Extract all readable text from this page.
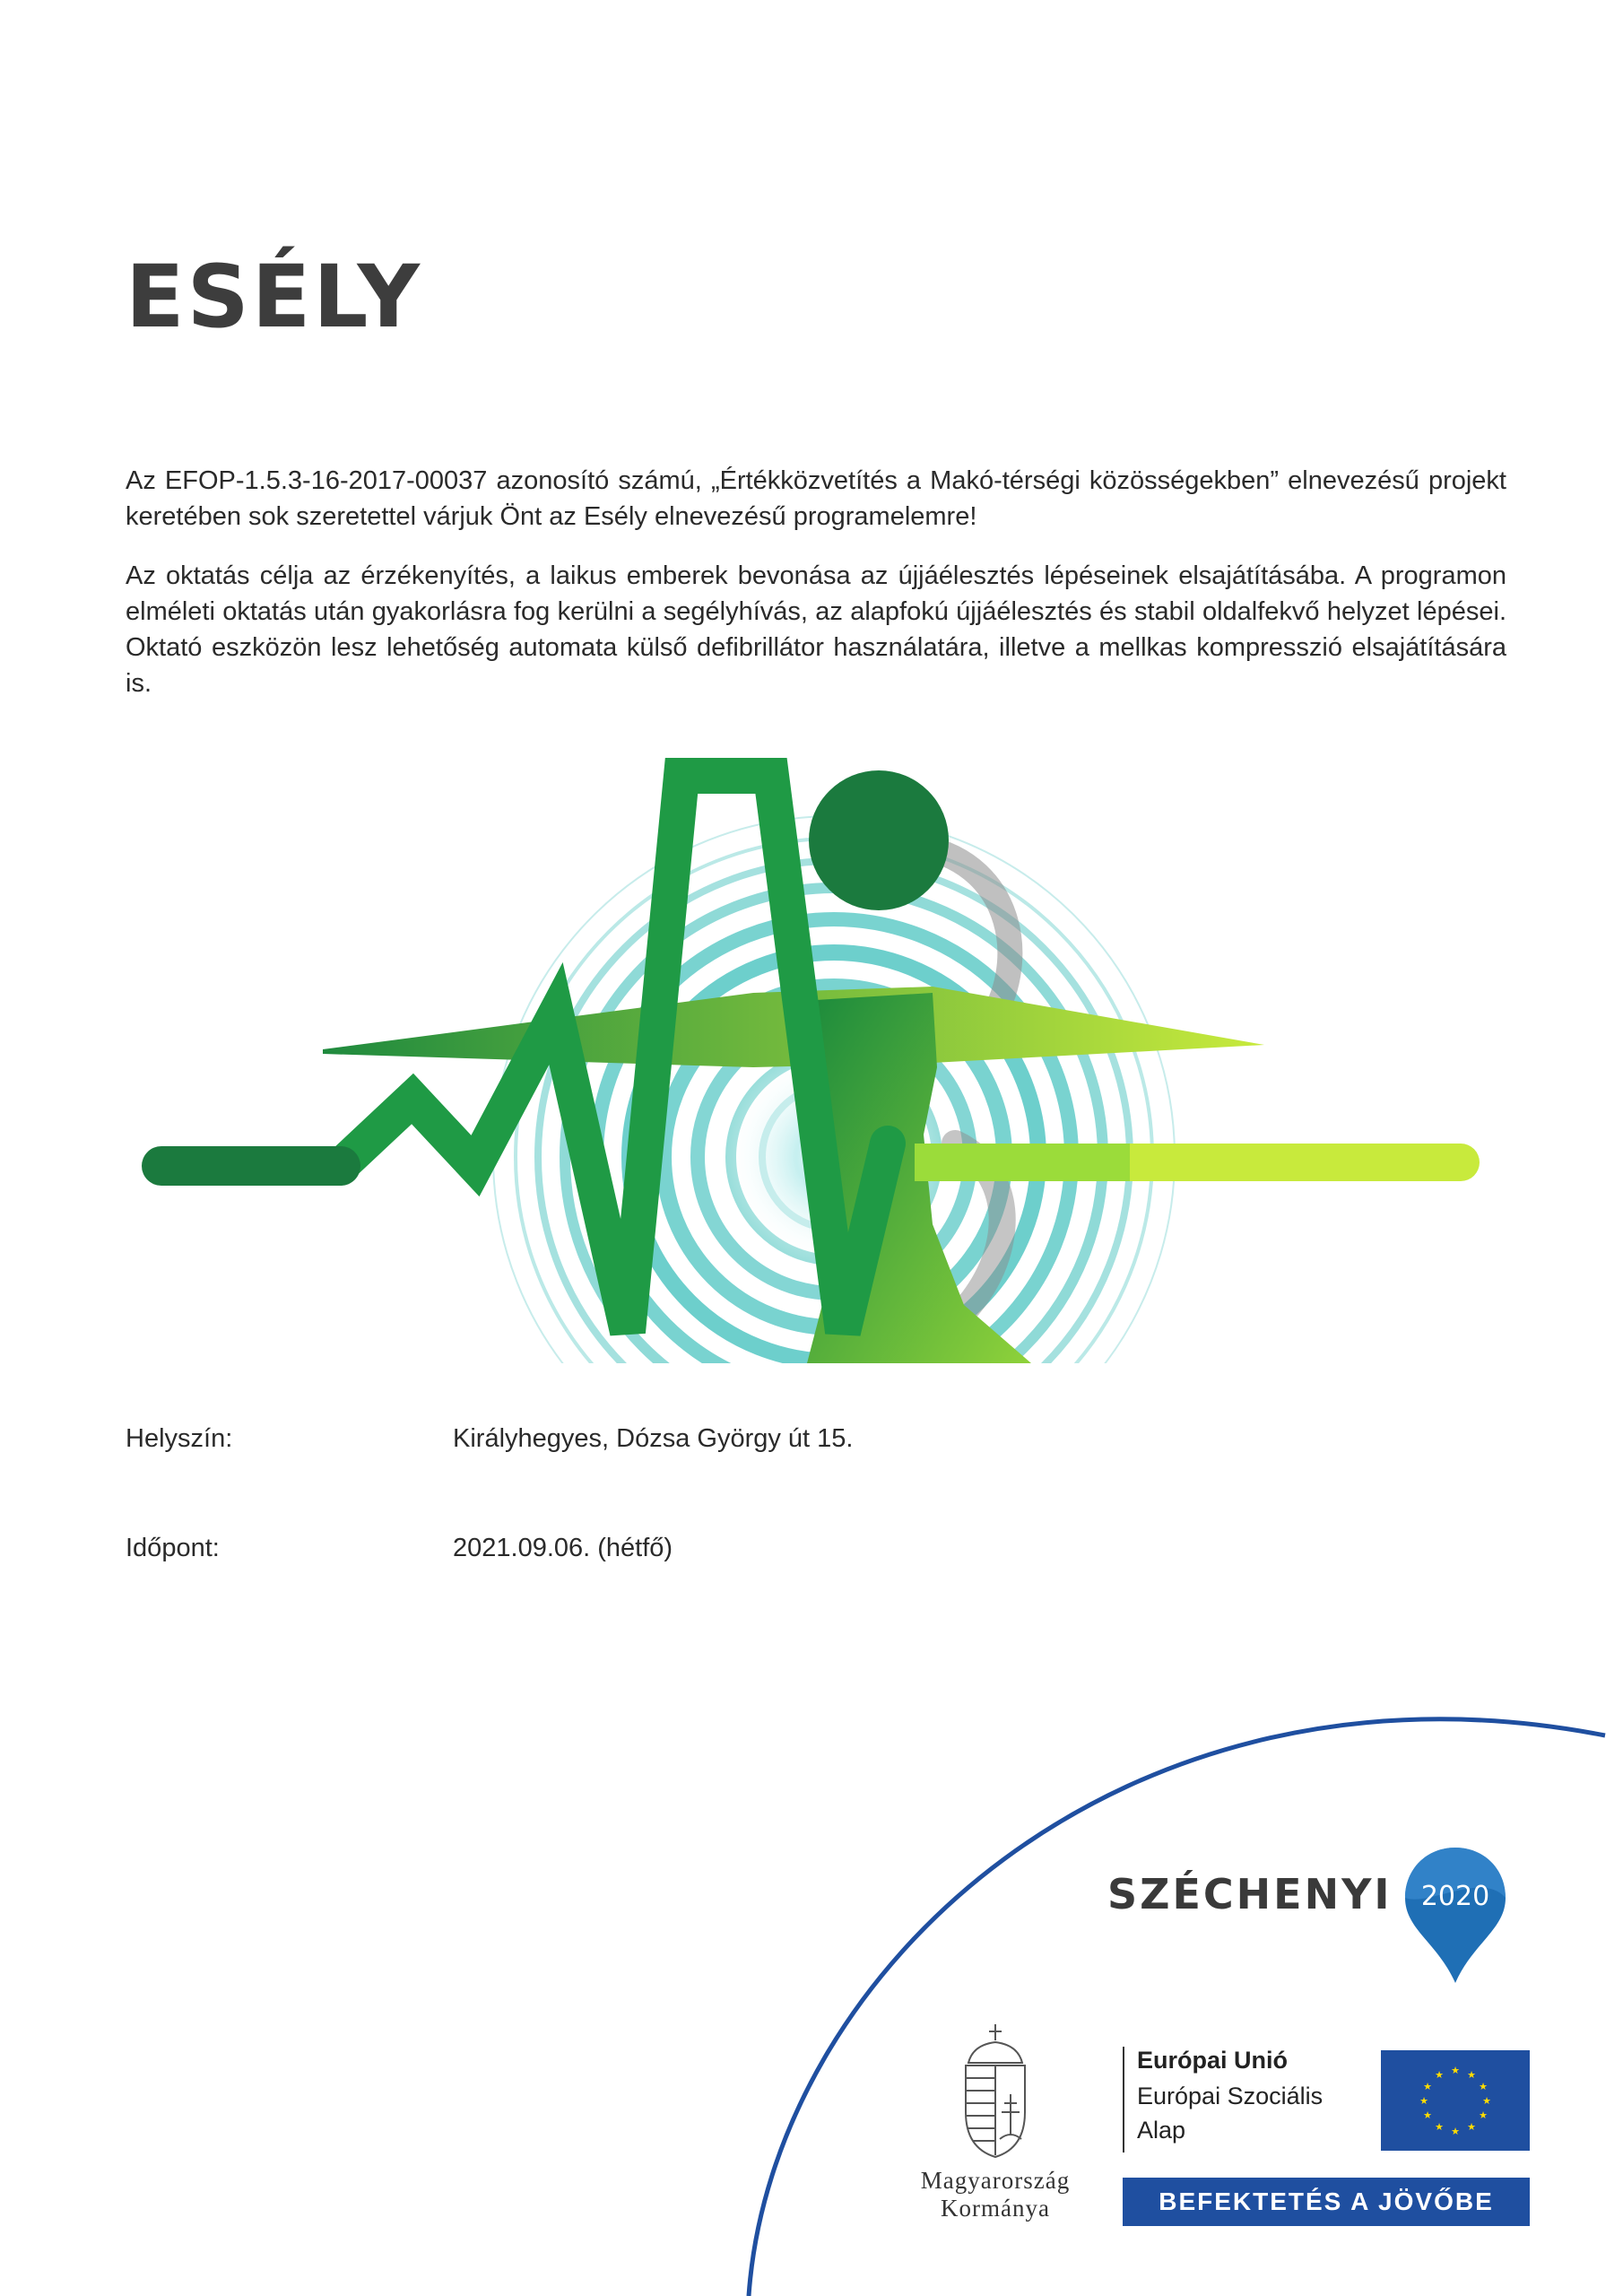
ESÉLY

Az EFOP-1.5.3-16-2017-00037 azonosító számú, „Értékközvetítés a Makó-térségi közösségekben” elnevezésű projekt keretében sok szeretettel várjuk Önt az Esély elnevezésű programelemre!

Az oktatás célja az érzékenyítés, a laikus emberek bevonása az újjáélesztés lépéseinek elsajátításába. A programon elméleti oktatás után gyakorlásra fog kerülni a segélyhívás, az alapfokú újjáélesztés és stabil oldalfekvő helyzet lépései. Oktató eszközön lesz lehetőség automata külső defibrillátor használatára, illetve a mellkas kompresszió elsajátítására is.

Helyszín:	Királyhegyes, Dózsa György út 15.
Időpont:	2021.09.06. (hétfő)
SZÉCHENYI	2020
Magyarország
Kormánya
Európai Unió
Európai Szociális
Alap
★ ★
★
★
★
★
★
★
★
★
★
★
BEFEKTETÉS A JÖVŐBE
